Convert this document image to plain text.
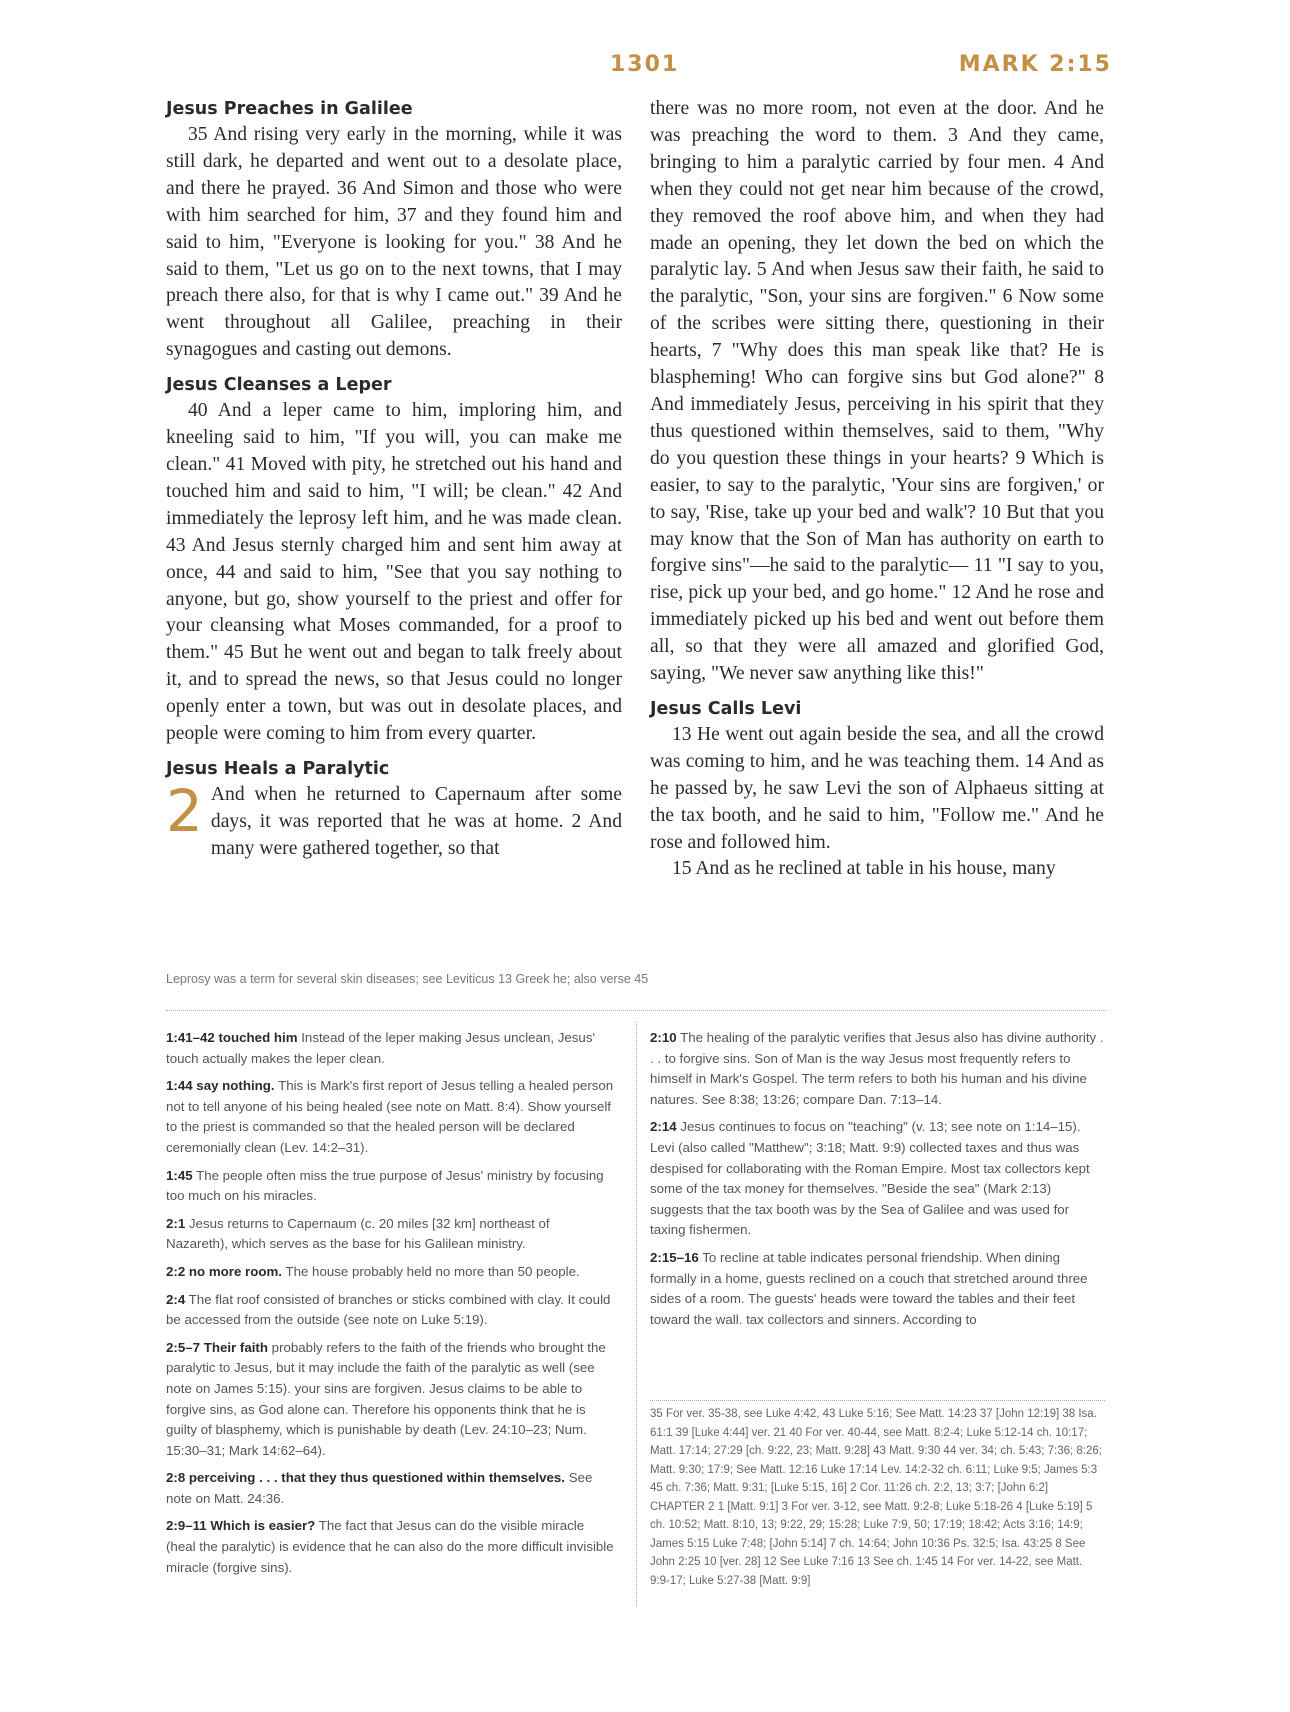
1301	MARK 2:15
Jesus Preaches in Galilee

35 And rising very early in the morning, while it was still dark, he departed and went out to a desolate place, and there he prayed. 36 And Simon and those who were with him searched for him, 37 and they found him and said to him, "Everyone is looking for you." 38 And he said to them, "Let us go on to the next towns, that I may preach there also, for that is why I came out." 39 And he went throughout all Galilee, preaching in their synagogues and casting out demons.

Jesus Cleanses a Leper

40 And a leper came to him, imploring him, and kneeling said to him, "If you will, you can make me clean." 41 Moved with pity, he stretched out his hand and touched him and said to him, "I will; be clean." 42 And immediately the leprosy left him, and he was made clean. 43 And Jesus sternly charged him and sent him away at once, 44 and said to him, "See that you say nothing to anyone, but go, show yourself to the priest and offer for your cleansing what Moses commanded, for a proof to them." 45 But he went out and began to talk freely about it, and to spread the news, so that Jesus could no longer openly enter a town, but was out in desolate places, and people were coming to him from every quarter.

Jesus Heals a Paralytic

2 And when he returned to Capernaum after some days, it was reported that he was at home. 2 And many were gathered together, so that

there was no more room, not even at the door. And he was preaching the word to them. 3 And they came, bringing to him a paralytic carried by four men. 4 And when they could not get near him because of the crowd, they removed the roof above him, and when they had made an opening, they let down the bed on which the paralytic lay. 5 And when Jesus saw their faith, he said to the paralytic, "Son, your sins are forgiven." 6 Now some of the scribes were sitting there, questioning in their hearts, 7 "Why does this man speak like that? He is blaspheming! Who can forgive sins but God alone?" 8 And immediately Jesus, perceiving in his spirit that they thus questioned within themselves, said to them, "Why do you question these things in your hearts? 9 Which is easier, to say to the paralytic, 'Your sins are forgiven,' or to say, 'Rise, take up your bed and walk'? 10 But that you may know that the Son of Man has authority on earth to forgive sins"—he said to the paralytic— 11 "I say to you, rise, pick up your bed, and go home." 12 And he rose and immediately picked up his bed and went out before them all, so that they were all amazed and glorified God, saying, "We never saw anything like this!"

Jesus Calls Levi

13 He went out again beside the sea, and all the crowd was coming to him, and he was teaching them. 14 And as he passed by, he saw Levi the son of Alphaeus sitting at the tax booth, and he said to him, "Follow me." And he rose and followed him.

15 And as he reclined at table in his house, many

Leprosy was a term for several skin diseases; see Leviticus 13 Greek he; also verse 45

1:41–42 touched him Instead of the leper making Jesus unclean, Jesus' touch actually makes the leper clean.

1:44 say nothing. This is Mark's first report of Jesus telling a healed person not to tell anyone of his being healed (see note on Matt. 8:4). Show yourself to the priest is commanded so that the healed person will be declared ceremonially clean (Lev. 14:2–31).

1:45 The people often miss the true purpose of Jesus' ministry by focusing too much on his miracles.

2:1 Jesus returns to Capernaum (c. 20 miles [32 km] northeast of Nazareth), which serves as the base for his Galilean ministry.

2:2 no more room. The house probably held no more than 50 people.

2:4 The flat roof consisted of branches or sticks combined with clay. It could be accessed from the outside (see note on Luke 5:19).

2:5–7 Their faith probably refers to the faith of the friends who brought the paralytic to Jesus, but it may include the faith of the paralytic as well (see note on James 5:15). your sins are forgiven. Jesus claims to be able to forgive sins, as God alone can. Therefore his opponents think that he is guilty of blasphemy, which is punishable by death (Lev. 24:10–23; Num. 15:30–31; Mark 14:62–64).

2:8 perceiving . . . that they thus questioned within themselves. See note on Matt. 24:36.

2:9–11 Which is easier? The fact that Jesus can do the visible miracle (heal the paralytic) is evidence that he can also do the more difficult invisible miracle (forgive sins).

2:10 The healing of the paralytic verifies that Jesus also has divine authority . . . to forgive sins. Son of Man is the way Jesus most frequently refers to himself in Mark's Gospel. The term refers to both his human and his divine natures. See 8:38; 13:26; compare Dan. 7:13–14.

2:14 Jesus continues to focus on "teaching" (v. 13; see note on 1:14–15). Levi (also called "Matthew"; 3:18; Matt. 9:9) collected taxes and thus was despised for collaborating with the Roman Empire. Most tax collectors kept some of the tax money for themselves. "Beside the sea" (Mark 2:13) suggests that the tax booth was by the Sea of Galilee and was used for taxing fishermen.

2:15–16 To recline at table indicates personal friendship. When dining formally in a home, guests reclined on a couch that stretched around three sides of a room. The guests' heads were toward the tables and their feet toward the wall. tax collectors and sinners. According to

35 For ver. 35-38, see Luke 4:42, 43 Luke 5:16; See Matt. 14:23 37 [John 12:19] 38 Isa. 61:1 39 [Luke 4:44] ver. 21 40 For ver. 40-44, see Matt. 8:2-4; Luke 5:12-14 ch. 10:17; Matt. 17:14; 27:29 [ch. 9:22, 23; Matt. 9:28] 43 Matt. 9:30 44 ver. 34; ch. 5:43; 7:36; 8:26; Matt. 9:30; 17:9; See Matt. 12:16 Luke 17:14 Lev. 14:2-32 ch. 6:11; Luke 9:5; James 5:3 45 ch. 7:36; Matt. 9:31; [Luke 5:15, 16] 2 Cor. 11:26 ch. 2:2, 13; 3:7; [John 6:2] CHAPTER 2 1 [Matt. 9:1] 3 For ver. 3-12, see Matt. 9:2-8; Luke 5:18-26 4 [Luke 5:19] 5 ch. 10:52; Matt. 8:10, 13; 9:22, 29; 15:28; Luke 7:9, 50; 17:19; 18:42; Acts 3:16; 14:9; James 5:15 Luke 7:48; [John 5:14] 7 ch. 14:64; John 10:36 Ps. 32:5; Isa. 43:25 8 See John 2:25 10 [ver. 28] 12 See Luke 7:16 13 See ch. 1:45 14 For ver. 14-22, see Matt. 9:9-17; Luke 5:27-38 [Matt. 9:9]
